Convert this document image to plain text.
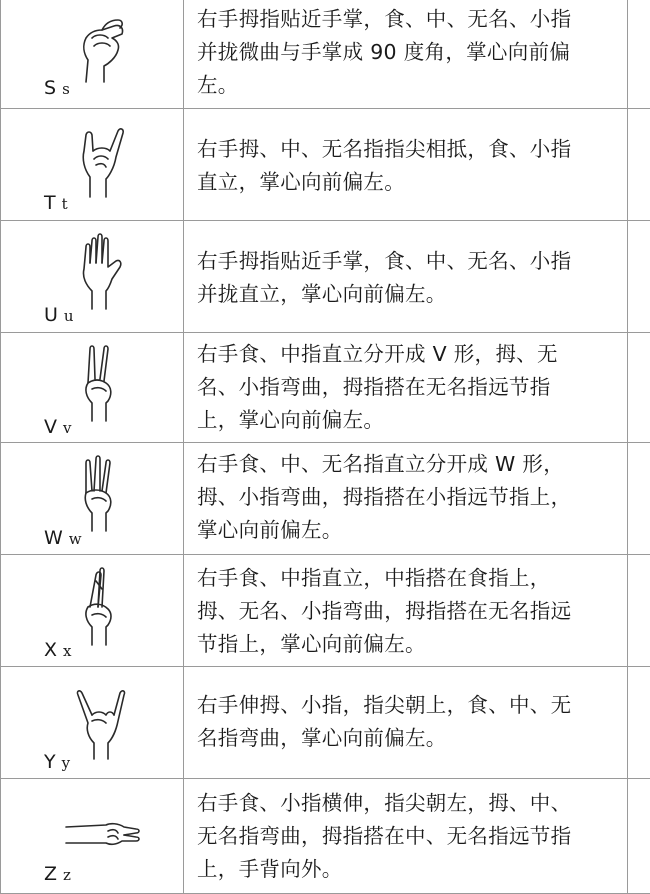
S s
右手拇指贴近手掌，食、中、无名、小指
并拢微曲与手掌成 90 度角，掌心向前偏
左。
T t
右手拇、中、无名指指尖相抵，食、小指
直立，掌心向前偏左。
U u
右手拇指贴近手掌，食、中、无名、小指
并拢直立，掌心向前偏左。
V v
右手食、中指直立分开成 V 形，拇、无
名、小指弯曲，拇指搭在无名指远节指
上，掌心向前偏左。
W w
右手食、中、无名指直立分开成 W 形，
拇、小指弯曲，拇指搭在小指远节指上，
掌心向前偏左。
X x
右手食、中指直立，中指搭在食指上，
拇、无名、小指弯曲，拇指搭在无名指远
节指上，掌心向前偏左。
Y y
右手伸拇、小指，指尖朝上，食、中、无
名指弯曲，掌心向前偏左。
Z z
右手食、小指横伸，指尖朝左，拇、中、
无名指弯曲，拇指搭在中、无名指远节指
上，手背向外。
